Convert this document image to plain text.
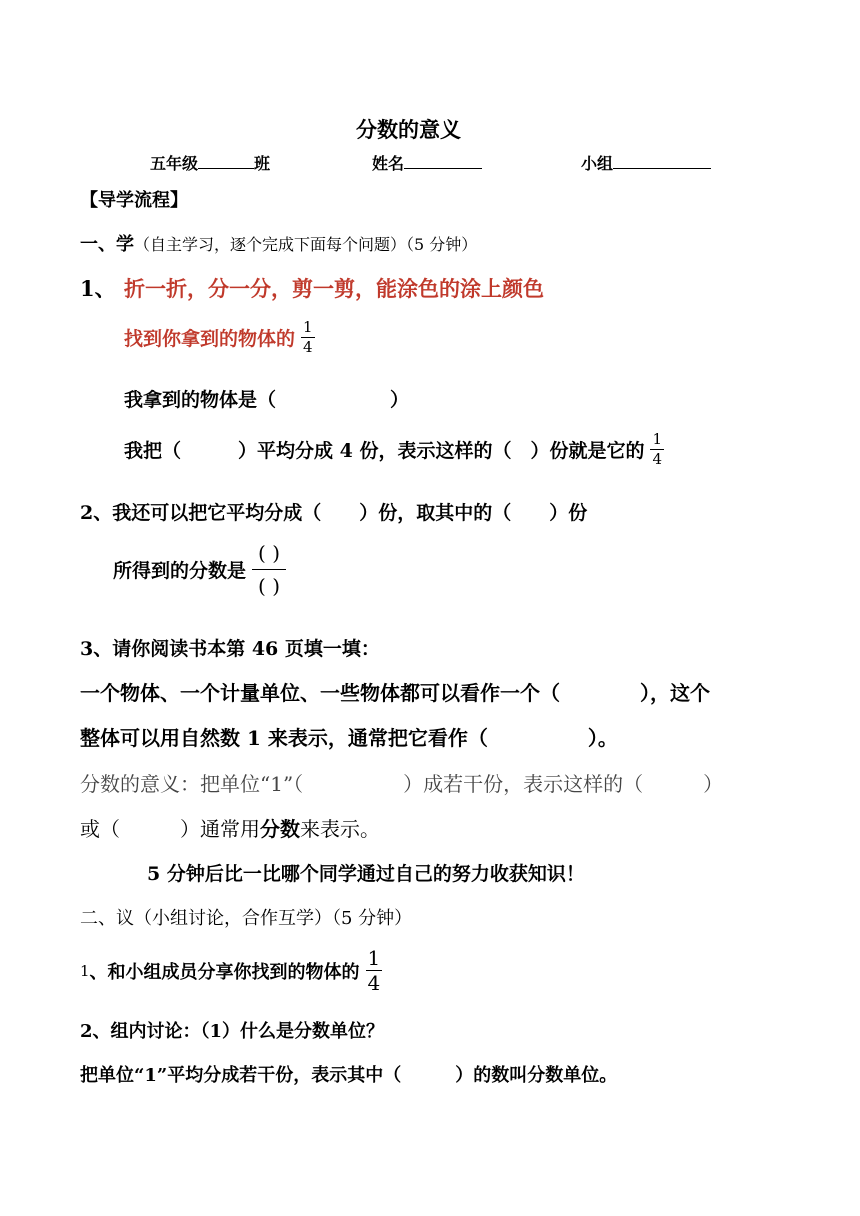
分数的意义
五年级	班	姓名	小组
【导学流程】
一、学（自主学习，逐个完成下面每个问题）（5 分钟）
1、 折一折，分一分，剪一剪，能涂色的涂上颜色
找到你拿到的物体的 $\frac{1}{4}$
我拿到的物体是（　　　　　　）
我把（　　　）平均分成 4 份，表示这样的（　）份就是它的 $\frac{1}{4}$
2、我还可以把它平均分成（　　）份，取其中的（　　）份
所得到的分数是 $\frac{( )}{( )}$
3、请你阅读书本第 46 页填一填：
一个物体、一个计量单位、一些物体都可以看作一个（　　　　），这个
整体可以用自然数 1 来表示，通常把它看作（　　　　　）。
分数的意义：把单位“1”（　　　　　）成若干份，表示这样的（　　　）
或（　　　）通常用分数来表示。
5 分钟后比一比哪个同学通过自己的努力收获知识！
二、议（小组讨论，合作互学）（5 分钟）
1 、和小组成员分享你找到的物体的 $\frac{1}{4}$
2、组内讨论：（1）什么是分数单位？
把单位“1”平均分成若干份，表示其中（　　　）的数叫分数单位。
